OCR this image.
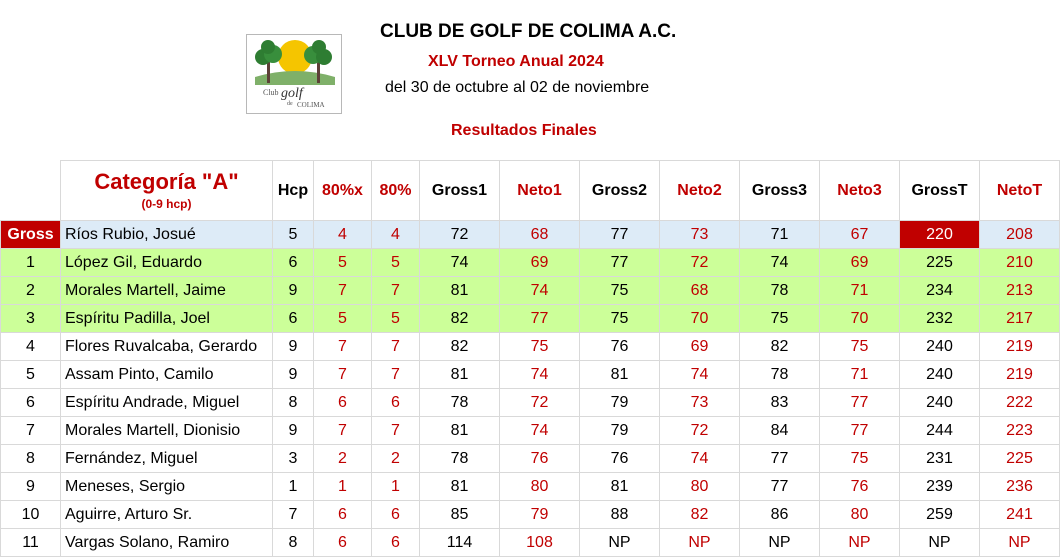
Club golf
de COLIMA
CLUB DE GOLF DE COLIMA A.C.
XLV Torneo Anual 2024
del 30 de octubre al 02 de noviembre
Resultados Finales

	Categoría "A"
(0-9 hcp)	Hcp	80%x	80%	Gross1	Neto1	Gross2	Neto2	Gross3	Neto3	GrossT	NetoT
Gross	Ríos Rubio, Josué	5	4	4	72	68	77	73	71	67	220	208
1	López Gil, Eduardo	6	5	5	74	69	77	72	74	69	225	210
2	Morales Martell, Jaime	9	7	7	81	74	75	68	78	71	234	213
3	Espíritu Padilla, Joel	6	5	5	82	77	75	70	75	70	232	217
4	Flores Ruvalcaba, Gerardo	9	7	7	82	75	76	69	82	75	240	219
5	Assam Pinto, Camilo	9	7	7	81	74	81	74	78	71	240	219
6	Espíritu Andrade, Miguel	8	6	6	78	72	79	73	83	77	240	222
7	Morales Martell, Dionisio	9	7	7	81	74	79	72	84	77	244	223
8	Fernández, Miguel	3	2	2	78	76	76	74	77	75	231	225
9	Meneses, Sergio	1	1	1	81	80	81	80	77	76	239	236
10	Aguirre, Arturo Sr.	7	6	6	85	79	88	82	86	80	259	241
11	Vargas Solano, Ramiro	8	6	6	114	108	NP	NP	NP	NP	NP	NP
